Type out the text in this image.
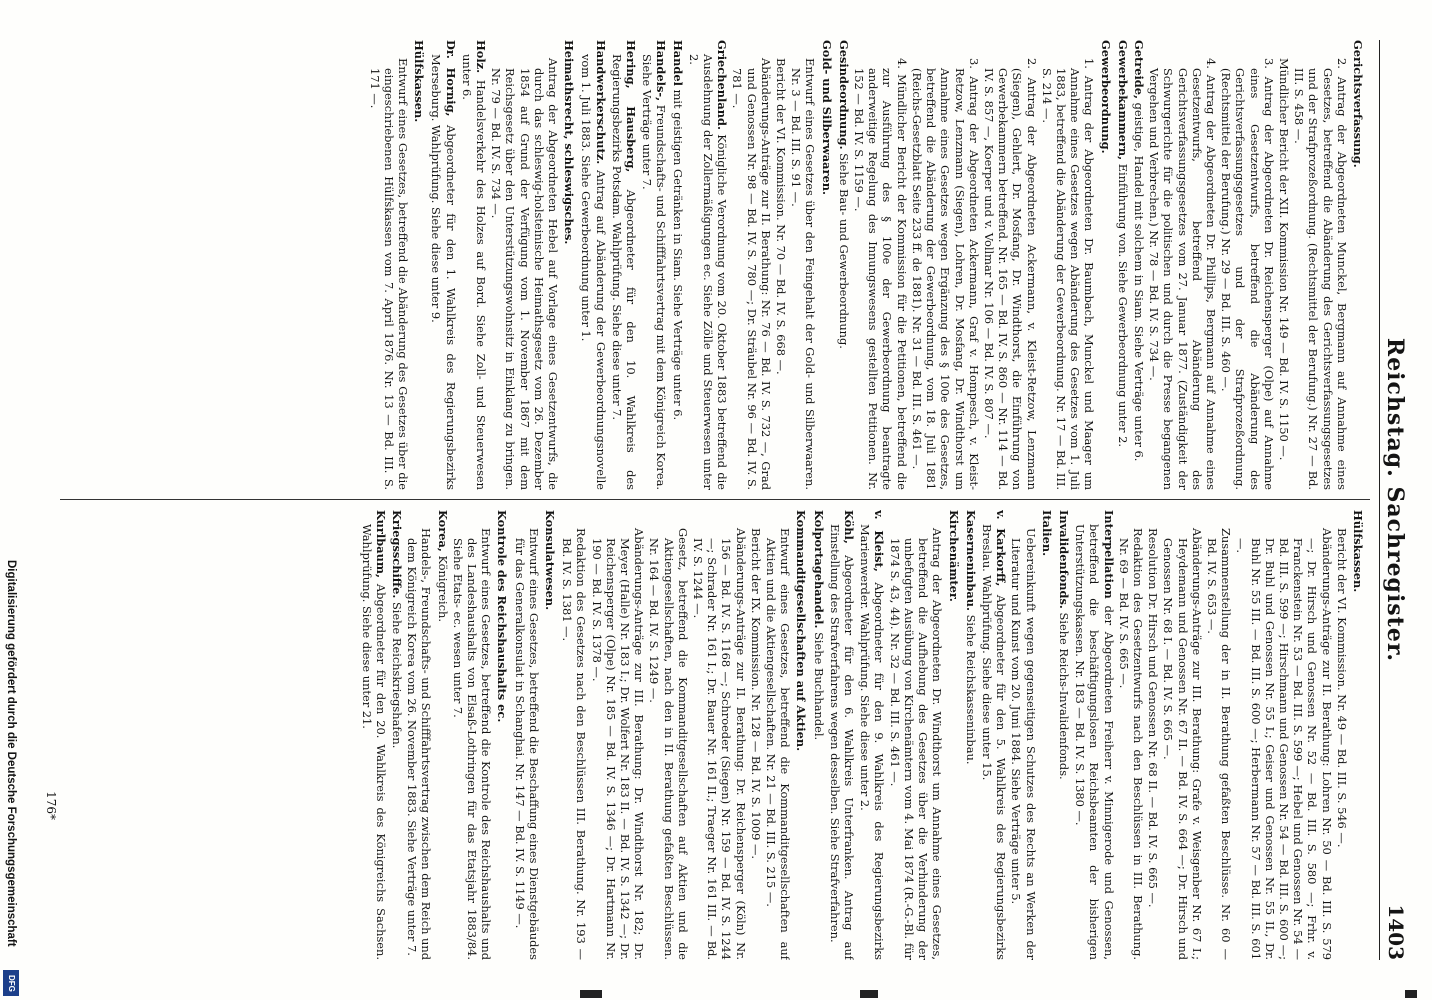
Reichstag. Sachregister.
1403

Gerichtsverfassung.

2. Antrag der Abgeordneten Munckel, Bergmann auf Annahme eines Gesetzes, betreffend die Abänderung des Gerichtsverfassungsgesetzes und der Strafprozeßordnung. (Rechtsmittel der Berufung.) Nr. 27 — Bd. III. S. 458 —.

Mündlicher Bericht der XII. Kommission Nr. 149 — Bd. IV. S. 1150 —.

3. Antrag der Abgeordneten Dr. Reichensperger (Olpe) auf Annahme eines Gesetzentwurfs, betreffend die Abänderung des Gerichtsverfassungsgesetzes und der Strafprozeßordnung. (Rechtsmittel der Berufung.) Nr. 29 — Bd. III. S. 460 —.

4. Antrag der Abgeordneten Dr. Phillips, Bergmann auf Annahme eines Gesetzentwurfs, betreffend Abänderung des Gerichtsverfassungsgesetzes vom 27. Januar 1877. (Zuständigkeit der Schwurgerichte für die politischen und durch die Presse begangenen Vergehen und Verbrechen.) Nr. 78 — Bd. IV. S. 734 —.

Getreide, geistige, Handel mit solchem in Siam. Siehe Verträge unter 6.

Gewerbekammern, Einführung von. Siehe Gewerbeordnung unter 2.

Gewerbeordnung.

1. Antrag der Abgeordneten Dr. Baumbach, Munckel und Maager um Annahme eines Gesetzes wegen Abänderung des Gesetzes vom 1. Juli 1883, betreffend die Abänderung der Gewerbeordnung. Nr. 17 — Bd. III. S. 214 —.

2. Antrag der Abgeordneten Ackermann, v. Kleist-Retzow, Lenzmann (Siegen), Gehlert, Dr. Mosfang, Dr. Windthorst, die Einführung von Gewerbekammern betreffend. Nr. 165 — Bd. IV. S. 860 — Nr. 114 — Bd. IV. S. 857 —, Koerper und v. Vollmar Nr. 106 — Bd. IV. S. 807 —.

3. Antrag der Abgeordneten Ackermann, Graf v. Hompesch, v. Kleist-Retzow, Lenzmann (Siegen), Lohren, Dr. Mosfang, Dr. Windthorst um Annahme eines Gesetzes wegen Ergänzung des § 100e des Gesetzes, betreffend die Abänderung der Gewerbeordnung, vom 18. Juli 1881 (Reichs-Gesetzblatt Seite 233 ff. de 1881). Nr. 31 — Bd. III. S. 461 —.

4. Mündlicher Bericht der Kommission für die Petitionen, betreffend die zur Ausführung des § 100e der Gewerbeordnung beantragte anderweitige Regelung des Innungswesens gestellten Petitionen. Nr. 152 — Bd. IV. S. 1159 —.

Gesindeordnung. Siehe Bau- und Gewerbeordnung.

Gold- und Silberwaaren.

Entwurf eines Gesetzes über den Feingehalt der Gold- und Silberwaaren. Nr. 3 — Bd. III. S. 91 —.

Bericht der VI. Kommission. Nr. 70 — Bd. IV. S. 668 —.

Abänderungs-Anträge zur II. Berathung: Nr. 76 — Bd. IV. S. 732 —, Grad und Genossen Nr. 98 — Bd. IV. S. 780 —; Dr. Sträubel Nr. 96 — Bd. IV. S. 781 —.

Griechenland. Königliche Verordnung vom 20. Oktober 1883 betreffend die Ausdehnung der Zollermäßigungen ec. Siehe Zölle und Steuerwesen unter 2.

Handel mit geistigen Getränken in Siam. Siehe Verträge unter 6.

Handels-, Freundschafts- und Schifffahrtsvertrag mit dem Königreich Korea. Siehe Verträge unter 7.

Hering, Hausberg, Abgeordneter für den 10. Wahlkreis des Regierungsbezirks Potsdam. Wahlprüfung. Siehe diese unter 7.

Handwerkerschutz. Antrag auf Abänderung der Gewerbeordnungsnovelle vom 1. Juli 1883. Siehe Gewerbeordnung unter 1.

Heimathsrecht, schleswigsches.

Antrag der Abgeordneten Hebel auf Vorlage eines Gesetzentwurfs, die durch das schleswig-holsteinische Heimathsgesetz vom 26. Dezember 1854 auf Grund der Verfügung vom 1. November 1867 mit dem Reichsgesetz über den Unterstützungswohnsitz in Einklang zu bringen. Nr. 79 — Bd. IV. S. 734 —.

Holz. Handelsverkehr des Holzes auf Bord. Siehe Zoll- und Steuerwesen unter 6.

Dr. Hornig, Abgeordneter für den 1. Wahlkreis des Regierungsbezirks Merseburg. Wahlprüfung. Siehe diese unter 9.

Hülfskassen.

Entwurf eines Gesetzes, betreffend die Abänderung des Gesetzes über die eingeschriebenen Hülfskassen vom 7. April 1876. Nr. 13 — Bd. III. S. 171 —.

Hülfskassen.

Bericht der VI. Kommission. Nr. 49 — Bd. III. S. 546 —.

Abänderungs-Anträge zur II. Berathung: Lohren Nr. 50 — Bd. III. S. 579 —; Dr. Hirsch und Genossen Nr. 52 — Bd. III. S. 580 —; Frhr. v. Franckenstein Nr. 53 — Bd. III. S. 599 —; Hebel und Genossen Nr. 54 — Bd. III. S. 599 —; Hirschmann und Genossen Nr. 54 — Bd. III. S. 600 —; Dr. Buhl und Genossen Nr. 55 I.; Geiser und Genossen Nr. 55 II., Dr. Buhl Nr. 55 III. — Bd. III. S. 600 —; Herbermann Nr. 57 — Bd. III. S. 601 —.

Zusammenstellung der in II. Berathung gefaßten Beschlüsse. Nr. 60 — Bd. IV. S. 653 —.

Abänderungs-Anträge zur III. Berathung: Grafe v. Weisgenber Nr. 67 I.; Heydemann und Genossen Nr. 67 II. — Bd. IV. S. 664 —; Dr. Hirsch und Genossen Nr. 68 I. — Bd. IV. S. 665 —.

Resolution Dr. Hirsch und Genossen Nr. 68 II. — Bd. IV. S. 665 —.

Redaktion des Gesetzentwurfs nach den Beschlüssen in III. Berathung. Nr. 69 — Bd. IV. S. 665 —.

Interpellation der Abgeordneten Freiherr v. Minnigerode und Genossen, betreffend die beschäftigungslosen Reichsbeamten der bisherigen Unterstützungskassen. Nr. 183 — Bd. IV. S. 1380 —.

Invalidenfonds. Siehe Reichs-Invalidenfonds.

Italien.

Uebereinkunft wegen gegenseitigen Schutzes des Rechts an Werken der Literatur und Kunst vom 20. Juni 1884. Siehe Verträge unter 5.

v. Karkorff, Abgeordneter für den 5. Wahlkreis des Regierungsbezirks Breslau. Wahlprüfung. Siehe diese unter 15.

Kaserneninbau. Siehe Reichskasseninbau.

Kirchenämter.

Antrag der Abgeordneten Dr. Windthorst um Annahme eines Gesetzes, betreffend die Aufhebung des Gesetzes über die Verhinderung der unbefugten Ausübung von Kirchenämtern vom 4. Mai 1874 (R.-G.-Bl. für 1874 S. 43, 44). Nr. 32 — Bd. III. S. 461 —.

v. Kleist, Abgeordneter für den 9. Wahlkreis des Regierungsbezirks Marienwerder. Wahlprüfung. Siehe diese unter 2.

Köhl, Abgeordneter für den 6. Wahlkreis Unterfranken. Antrag auf Einstellung des Strafverfahrens wegen desselben. Siehe Strafverfahren.

Kolportagehandel. Siehe Buchhandel.

Kommanditgesellschaften auf Aktien.

Entwurf eines Gesetzes, betreffend die Kommanditgesellschaften auf Aktien und die Aktiengesellschaften. Nr. 21 — Bd. III. S. 215 —.

Bericht der IX. Kommission. Nr. 128 — Bd. IV. S. 1009 —.

Abänderungs-Anträge zur II. Berathung: Dr. Reichensperger (Köln) Nr. 156 — Bd. IV. S. 1168 —; Schroeder (Siegen) Nr. 159 — Bd. IV. S. 1244 —; Schrader Nr. 161 I.; Dr. Bauer Nr. 161 II.; Traeger Nr. 161 III. — Bd. IV. S. 1244 —.

Gesetz, betreffend die Kommanditgesellschaften auf Aktien und die Aktiengesellschaften, nach den in II. Berathung gefaßten Beschlüssen. Nr. 164 — Bd. IV. S. 1249 —.

Abänderungs-Anträge zur III. Berathung: Dr. Windthorst Nr. 182; Dr. Meyer (Halle) Nr. 183 I.; Dr. Wolfert Nr. 183 II. — Bd. IV. S. 1342 —; Dr. Reichensperger (Olpe) Nr. 185 — Bd. IV. S. 1346 —; Dr. Hartmann Nr. 190 — Bd. IV. S. 1378 —.

Redaktion des Gesetzes nach den Beschlüssen III. Berathung. Nr. 193 — Bd. IV. S. 1381 —.

Konsulatwesen.

Entwurf eines Gesetzes, betreffend die Beschaffung eines Dienstgebäudes für das Generalkonsulat in Schanghai. Nr. 147 — Bd. IV. S. 1149 —.

Kontrole des Reichshaushalts ec.

Entwurf eines Gesetzes, betreffend die Kontrole des Reichshaushalts und des Landeshaushalts von Elsaß-Lothringen für das Etatsjahr 1883/84. Siehe Etats- ec. wesen unter 7.

Korea, Königreich.

Handels-, Freundschafts- und Schifffahrtsvertrag zwischen dem Reich und dem Königreich Korea vom 26. November 1883. Siehe Verträge unter 7.

Kriegsschiffe. Siehe Reichskriegshafen.

Kurlbaum, Abgeordneter für den 20. Wahlkreis des Königreichs Sachsen. Wahlprüfung. Siehe diese unter 21.

176*
Digitalisierung gefördert durch die Deutsche Forschungsgemeinschaft
DFG
